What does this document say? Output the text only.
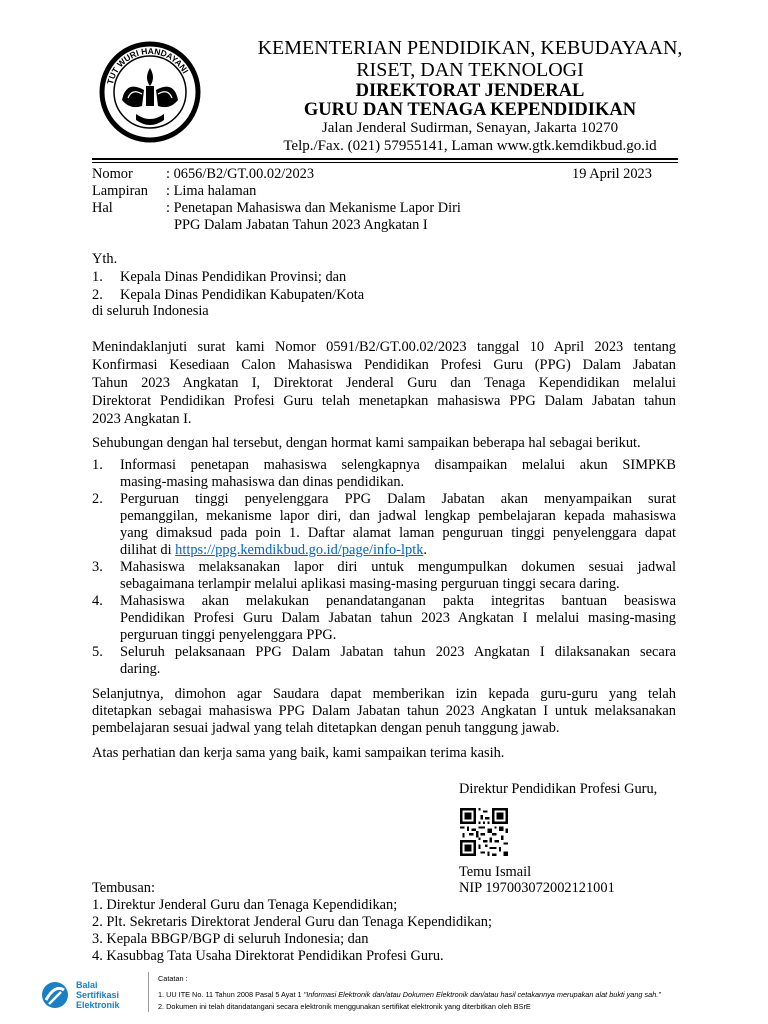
TUT WURI HANDAYANI
KEMENTERIAN PENDIDIKAN, KEBUDAYAAN,
RISET, DAN TEKNOLOGI
DIREKTORAT JENDERAL
GURU DAN TENAGA KEPENDIDIKAN
Jalan Jenderal Sudirman, Senayan, Jakarta 10270
Telp./Fax. (021) 57955141, Laman www.gtk.kemdikbud.go.id
Nomor : 0656/B2/GT.00.02/2023	19 April 2023
Lampiran : Lima halaman
Hal	: Penetapan Mahasiswa dan Mekanisme Lapor Diri
PPG Dalam Jabatan Tahun 2023 Angkatan I
Yth.
1. Kepala Dinas Pendidikan Provinsi; dan
2. Kepala Dinas Pendidikan Kabupaten/Kota
di seluruh Indonesia
Menindaklanjuti surat kami Nomor 0591/B2/GT.00.02/2023 tanggal 10 April 2023 tentang
Konfirmasi Kesediaan Calon Mahasiswa Pendidikan Profesi Guru (PPG) Dalam Jabatan
Tahun 2023 Angkatan I, Direktorat Jenderal Guru dan Tenaga Kependidikan melalui
Direktorat Pendidikan Profesi Guru telah menetapkan mahasiswa PPG Dalam Jabatan tahun
2023 Angkatan I.
Sehubungan dengan hal tersebut, dengan hormat kami sampaikan beberapa hal sebagai berikut.
1. Informasi penetapan mahasiswa selengkapnya disampaikan melalui akun SIMPKB
masing-masing mahasiswa dan dinas pendidikan.
2. Perguruan tinggi penyelenggara PPG Dalam Jabatan akan menyampaikan surat
pemanggilan, mekanisme lapor diri, dan jadwal lengkap pembelajaran kepada mahasiswa
yang dimaksud pada poin 1. Daftar alamat laman penguruan tinggi penyelenggara dapat
dilihat di https://ppg.kemdikbud.go.id/page/info-lptk.
3. Mahasiswa melaksanakan lapor diri untuk mengumpulkan dokumen sesuai jadwal
sebagaimana terlampir melalui aplikasi masing-masing perguruan tinggi secara daring.
4. Mahasiswa akan melakukan penandatanganan pakta integritas bantuan beasiswa
Pendidikan Profesi Guru Dalam Jabatan tahun 2023 Angkatan I melalui masing-masing
perguruan tinggi penyelenggara PPG.
5. Seluruh pelaksanaan PPG Dalam Jabatan tahun 2023 Angkatan I dilaksanakan secara
daring.
Selanjutnya, dimohon agar Saudara dapat memberikan izin kepada guru-guru yang telah
ditetapkan sebagai mahasiswa PPG Dalam Jabatan tahun 2023 Angkatan I untuk melaksanakan
pembelajaran sesuai jadwal yang telah ditetapkan dengan penuh tanggung jawab.
Atas perhatian dan kerja sama yang baik, kami sampaikan terima kasih.
Direktur Pendidikan Profesi Guru,
Temu Ismail
NIP 197003072002121001
Tembusan:
1. Direktur Jenderal Guru dan Tenaga Kependidikan;
2. Plt. Sekretaris Direktorat Jenderal Guru dan Tenaga Kependidikan;
3. Kepala BBGP/BGP di seluruh Indonesia; dan
4. Kasubbag Tata Usaha Direktorat Pendidikan Profesi Guru.
Balai
Sertifikasi
Elektronik
Catatan :
1. UU ITE No. 11 Tahun 2008 Pasal 5 Ayat 1 "Informasi Elektronik dan/atau Dokumen Elektronik dan/atau hasil cetakannya merupakan alat bukti yang sah."
2. Dokumen ini telah ditandatangani secara elektronik menggunakan sertifikat elektronik yang diterbitkan oleh BSrE
